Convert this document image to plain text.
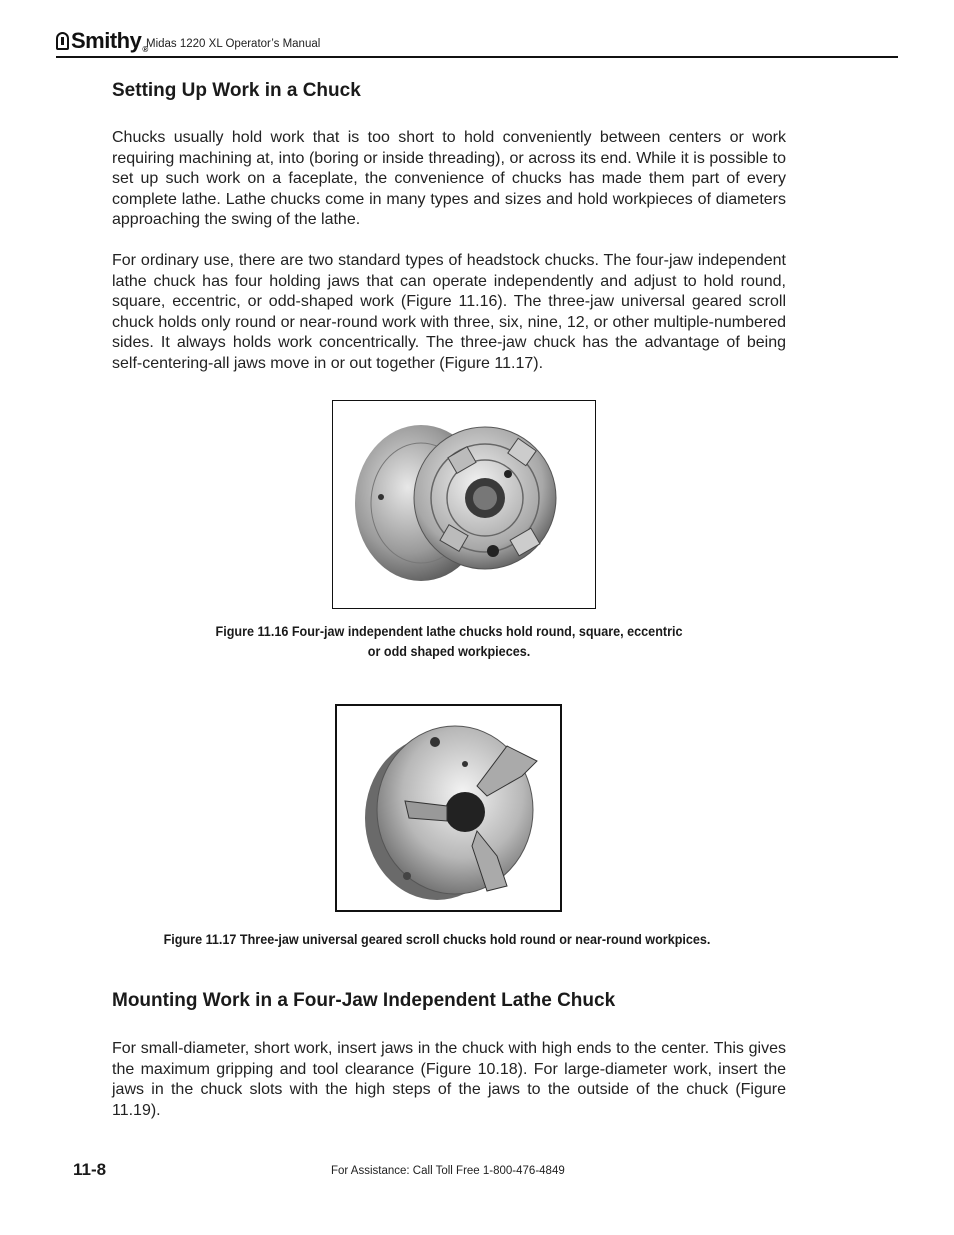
Smithy®
Midas 1220 XL Operator’s Manual
Setting Up Work in a Chuck

Chucks usually hold work that is too short to hold conveniently between centers or work requiring machining at, into (boring or inside threading), or across its end. While it is possible to set up such work on a faceplate, the convenience of chucks has made them part of every complete lathe. Lathe chucks come in many types and sizes and hold workpieces of diameters approaching the swing of the lathe.

For ordinary use, there are two standard types of headstock chucks. The four-jaw independent lathe chuck has four holding jaws that can operate independently and adjust to hold round, square, eccentric, or odd-shaped work (Figure 11.16). The three-jaw universal geared scroll chuck holds only round or near-round work with three, six, nine, 12, or other multiple-numbered sides. It always holds work concentrically. The three-jaw chuck has the advantage of being self-centering-all jaws move in or out together (Figure 11.17).

Figure 11.16 Four-jaw independent lathe chucks hold round, square, eccentric
or odd shaped workpieces.
Figure 11.17 Three-jaw universal geared scroll chucks hold round or near-round workpices.
Mounting Work in a Four-Jaw Independent Lathe Chuck

For small-diameter, short work, insert jaws in the chuck with high ends to the center. This gives the maximum gripping and tool clearance (Figure 10.18). For large-diameter work, insert the jaws in the chuck slots with the high steps of the jaws to the outside of the chuck (Figure 11.19).

11-8	For Assistance: Call Toll Free 1-800-476-4849
